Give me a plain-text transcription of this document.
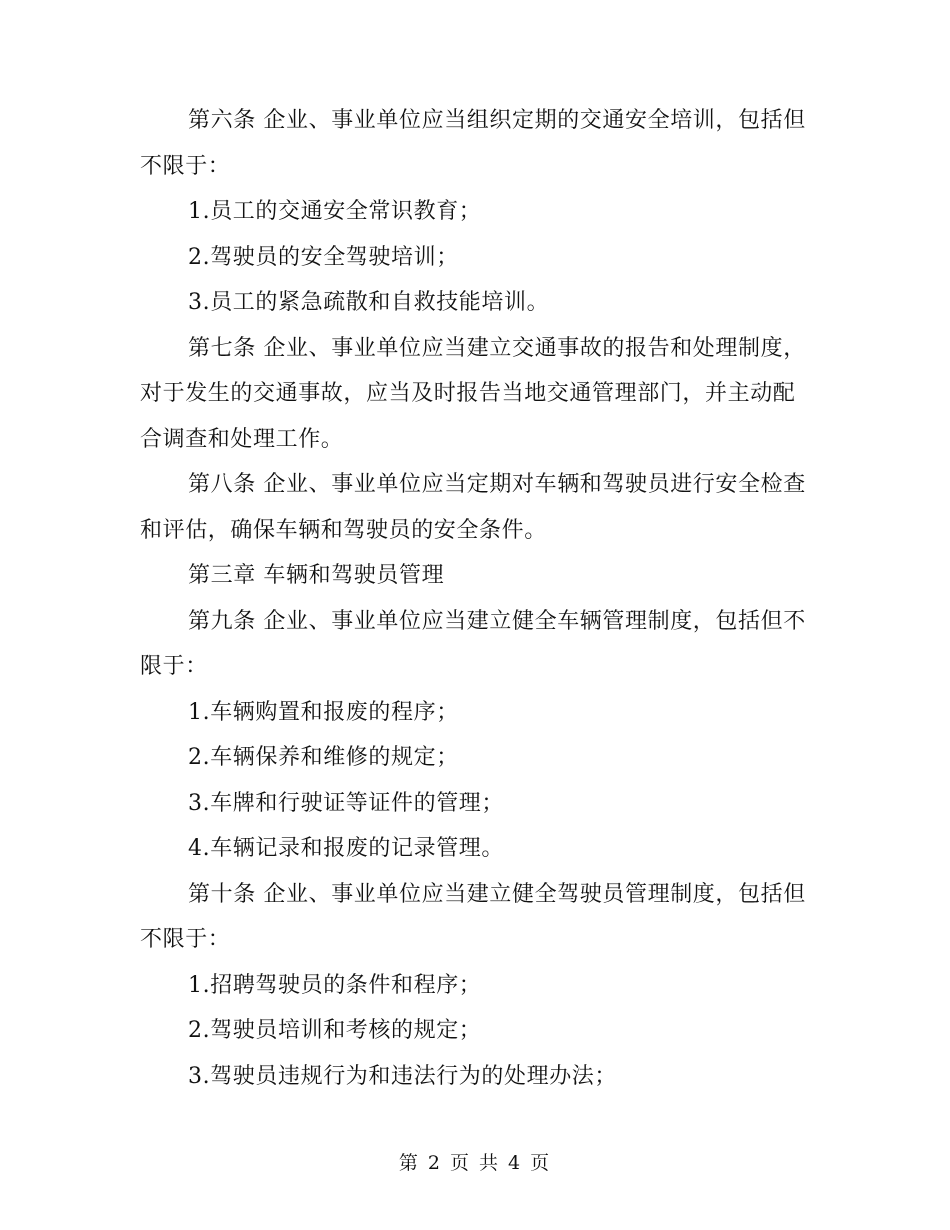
第六条 企业、事业单位应当组织定期的交通安全培训，包括但不限于：

1.员工的交通安全常识教育；

2.驾驶员的安全驾驶培训；

3.员工的紧急疏散和自救技能培训。

第七条 企业、事业单位应当建立交通事故的报告和处理制度，对于发生的交通事故，应当及时报告当地交通管理部门，并主动配合调查和处理工作。

第八条 企业、事业单位应当定期对车辆和驾驶员进行安全检查和评估，确保车辆和驾驶员的安全条件。

第三章 车辆和驾驶员管理

第九条 企业、事业单位应当建立健全车辆管理制度，包括但不限于：

1.车辆购置和报废的程序；

2.车辆保养和维修的规定；

3.车牌和行驶证等证件的管理；

4.车辆记录和报废的记录管理。

第十条 企业、事业单位应当建立健全驾驶员管理制度，包括但不限于：

1.招聘驾驶员的条件和程序；

2.驾驶员培训和考核的规定；

3.驾驶员违规行为和违法行为的处理办法；

第 2 页 共 4 页
